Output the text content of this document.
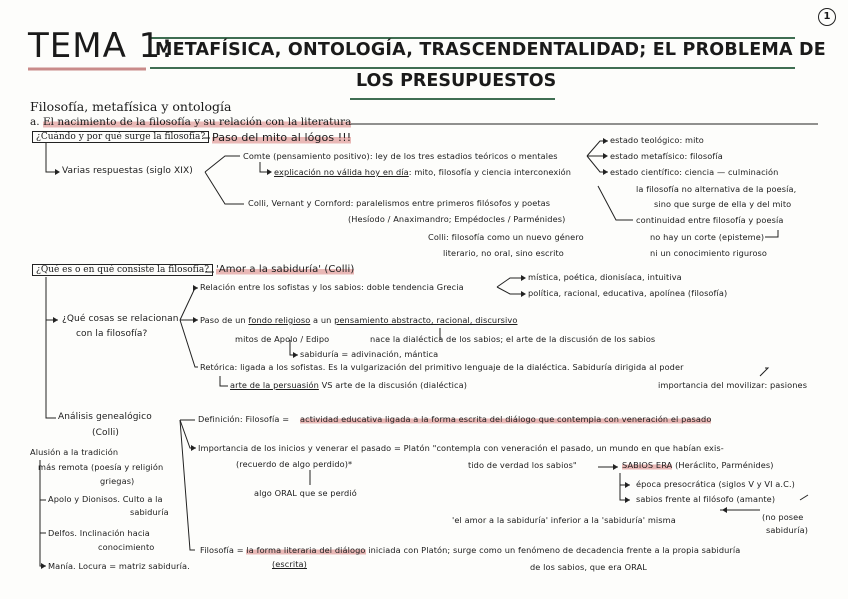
1
TEMA 1:
METAFÍSICA, ONTOLOGÍA, TRASCENDENTALIDAD; EL PROBLEMA DE
LOS PRESUPUESTOS
Filosofía, metafísica y ontología
a. El nacimiento de la filosofía y su relación con la literatura
¿Cuándo y por qué surge la filosofía? Paso del mito al lógos !!!
Varias respuestas (siglo XIX)
Comte (pensamiento positivo): ley de los tres estadios teóricos o mentales
estado teológico: mito
estado metafísico: filosofía
estado científico: ciencia — culminación
explicación no válida hoy en día: mito, filosofía y ciencia interconexión
Colli, Vernant y Cornford: paralelismos entre primeros filósofos y poetas
(Hesíodo / Anaximandro; Empédocles / Parménides)
Colli: filosofía como un nuevo género
literario, no oral, sino escrito
la filosofía no alternativa de la poesía,
sino que surge de ella y del mito
continuidad entre filosofía y poesía
no hay un corte (episteme)
ni un conocimiento riguroso
¿Qué es o en qué consiste la filosofía? 'Amor a la sabiduría' (Colli)
¿Qué cosas se relacionan
con la filosofía?
Relación entre los sofistas y los sabios: doble tendencia Grecia
mística, poética, dionisíaca, intuitiva
política, racional, educativa, apolínea (filosofía)
Paso de un fondo religioso a un pensamiento abstracto, racional, discursivo
mitos de Apolo / Edipo	nace la dialéctica de los sabios; el arte de la discusión de los sabios
sabiduría = adivinación, mántica
Retórica: ligada a los sofistas. Es la vulgarización del primitivo lenguaje de la dialéctica. Sabiduría dirigida al poder
arte de la persuasión VS arte de la discusión (dialéctica)	importancia del movilizar: pasiones
Análisis genealógico
(Colli)
Definición: Filosofía = actividad educativa ligada a la forma escrita del diálogo que contempla con veneración el pasado
Importancia de los inicios y venerar el pasado = Platón "contempla con veneración el pasado, un mundo en que habían exis-
(recuerdo de algo perdido)*	tido de verdad los sabios"	SABIOS ERA (Heráclito, Parménides)
algo ORAL que se perdió
época presocrática (siglos V y VI a.C.)
sabios frente al filósofo (amante)
'el amor a la sabiduría' inferior a la 'sabiduría' misma	(no posee
sabiduría)
Filosofía = la forma literaria del diálogo iniciada con Platón; surge como un fenómeno de decadencia frente a la propia sabiduría
(escrita)	de los sabios, que era ORAL
Alusión a la tradición
más remota (poesía y religión
griegas)
Apolo y Dionisos. Culto a la
sabiduría
Delfos. Inclinación hacia
conocimiento
Manía. Locura = matriz sabiduría.
